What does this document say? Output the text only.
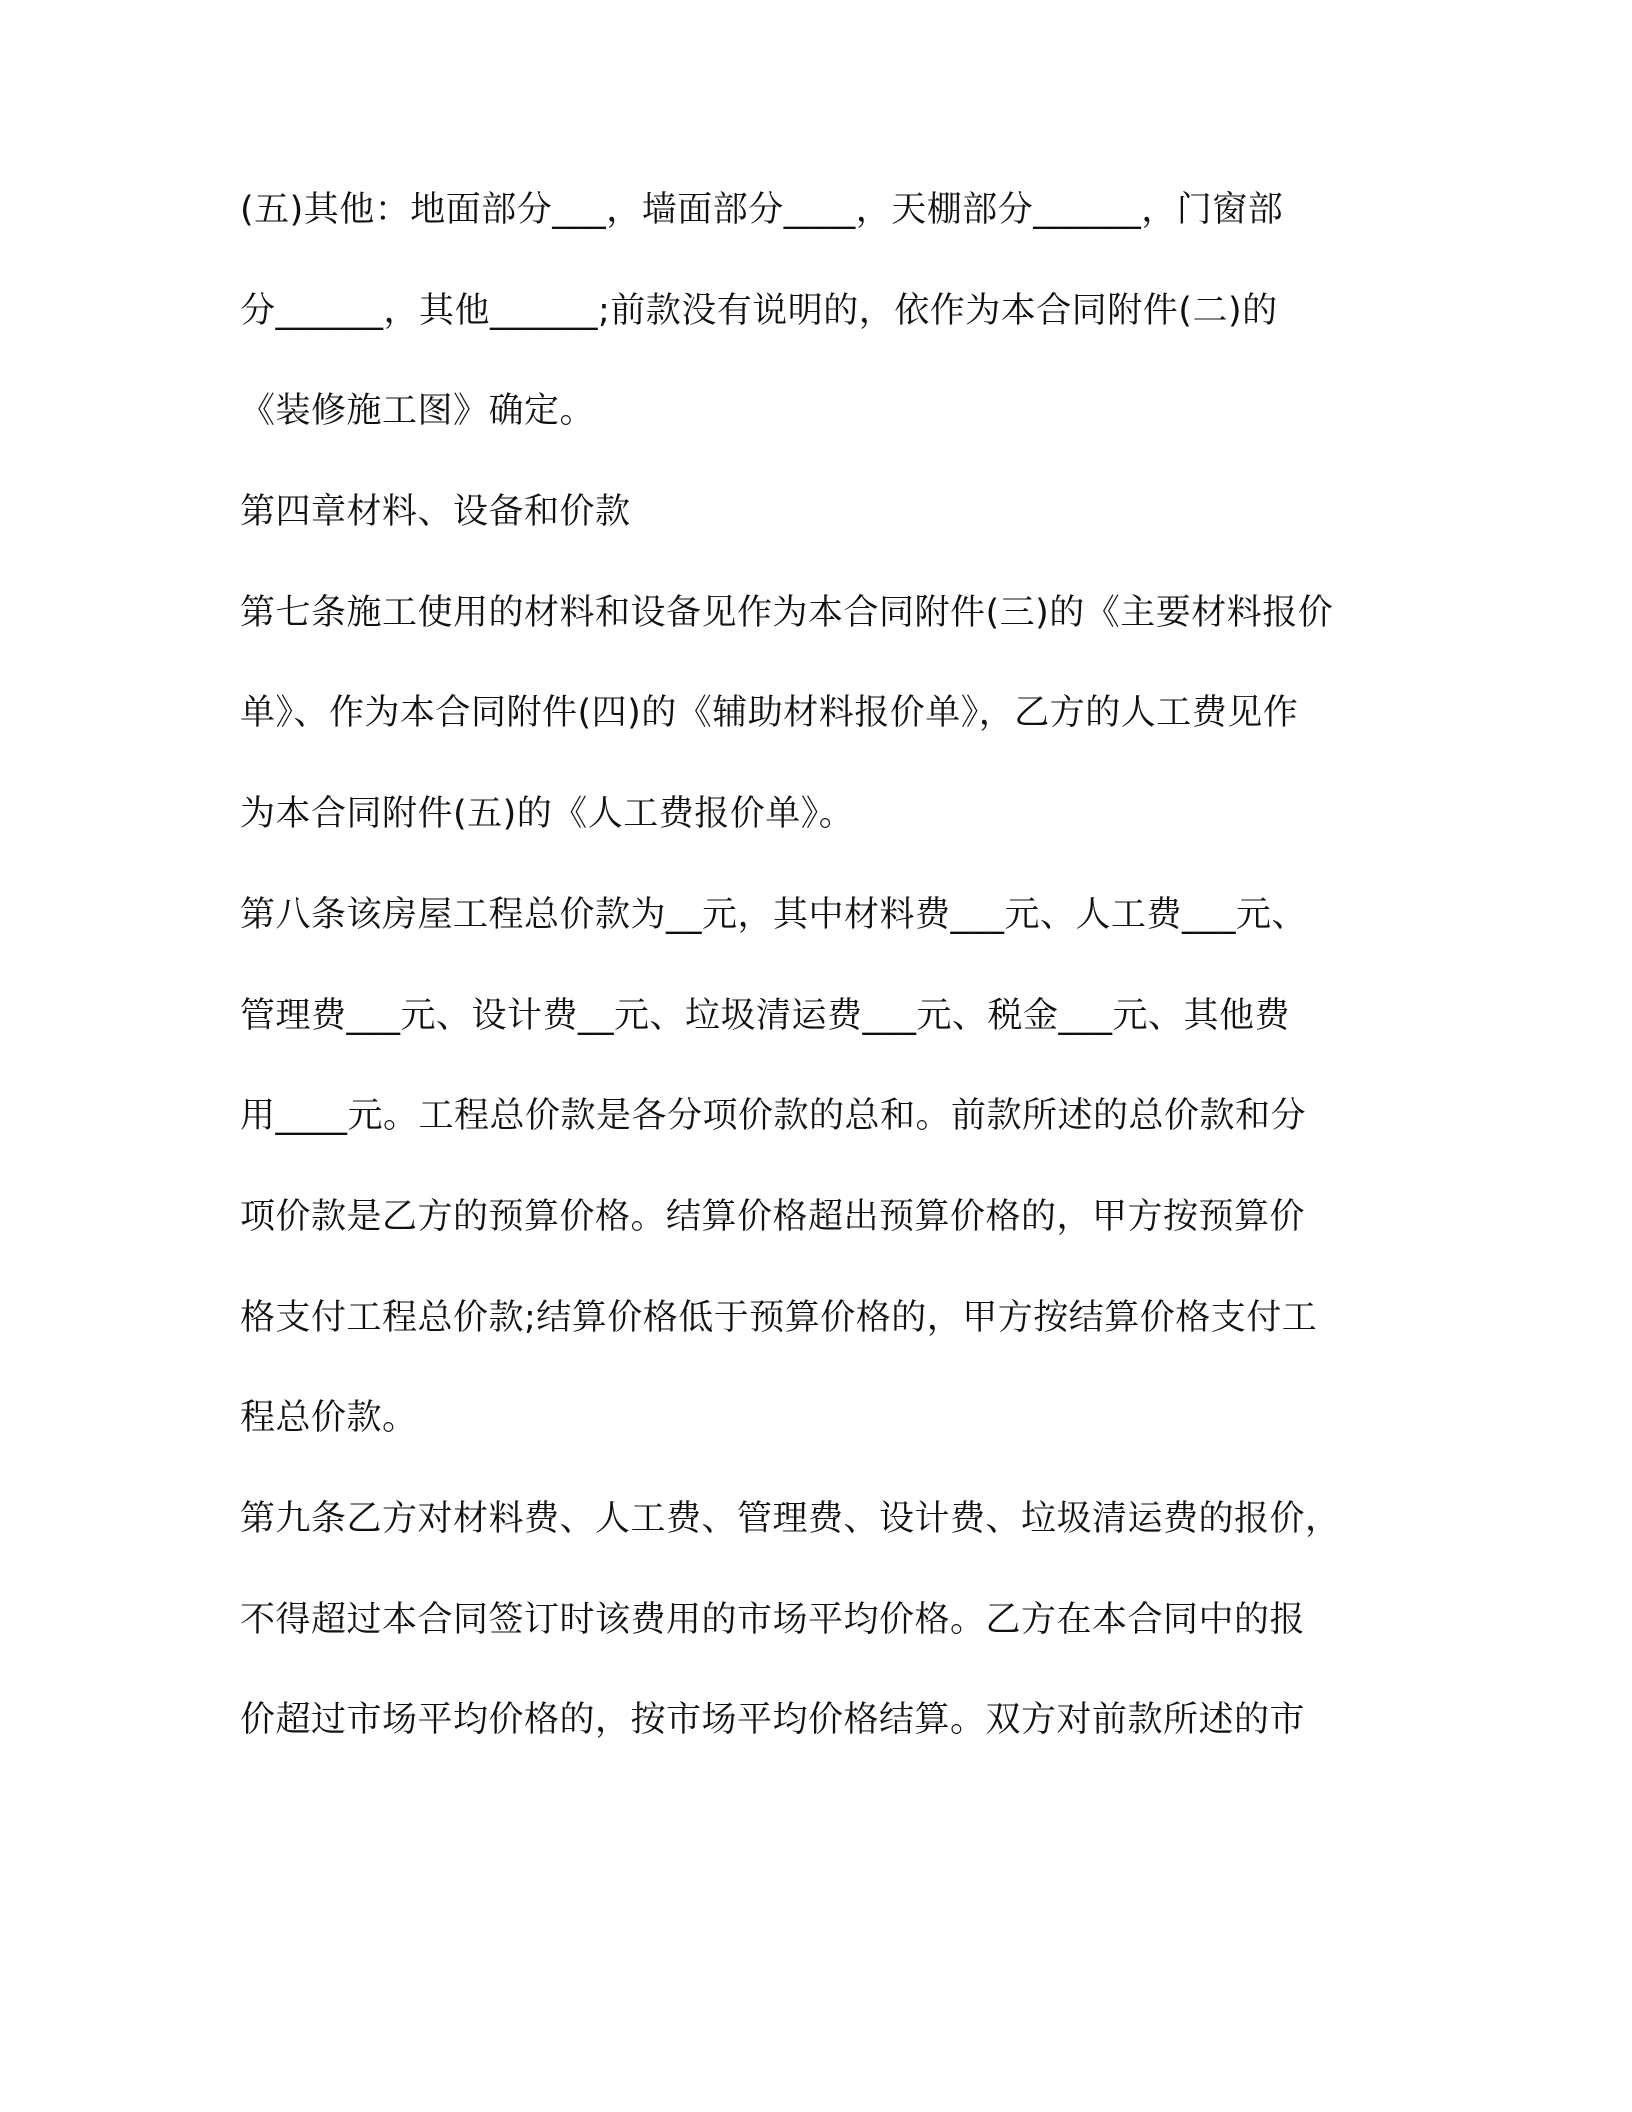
(五)其他：地面部分___，墙面部分____，天棚部分______，门窗部
分______，其他______;前款没有说明的，依作为本合同附件(二)的
《装修施工图》确定。
第四章材料、设备和价款
第七条施工使用的材料和设备见作为本合同附件(三)的《主要材料报价
单》、作为本合同附件(四)的《辅助材料报价单》，乙方的人工费见作
为本合同附件(五)的《人工费报价单》。
第八条该房屋工程总价款为__元，其中材料费___元、人工费___元、
管理费___元、设计费__元、垃圾清运费___元、税金___元、其他费
用____元。工程总价款是各分项价款的总和。前款所述的总价款和分
项价款是乙方的预算价格。结算价格超出预算价格的，甲方按预算价
格支付工程总价款;结算价格低于预算价格的，甲方按结算价格支付工
程总价款。
第九条乙方对材料费、人工费、管理费、设计费、垃圾清运费的报价，
不得超过本合同签订时该费用的市场平均价格。乙方在本合同中的报
价超过市场平均价格的，按市场平均价格结算。双方对前款所述的市
